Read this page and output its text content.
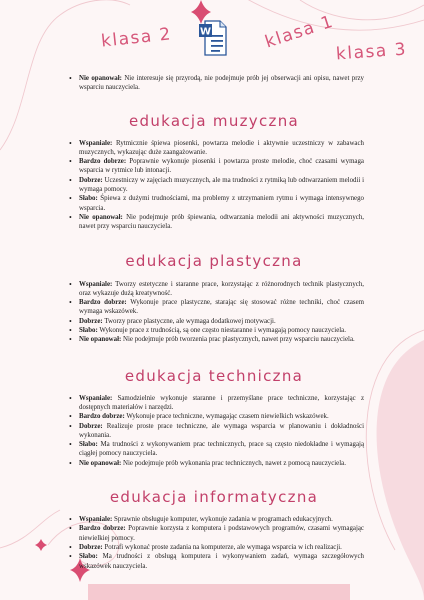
klasa 2	klasa 1 klasa 3
W
• Nie opanował: Nie interesuje się przyrodą, nie podejmuje prób jej obserwacji ani opisu, nawet przy wsparciu nauczyciela.
edukacja muzyczna
• Wspaniale: Rytmicznie śpiewa piosenki, powtarza melodie i aktywnie uczestniczy w zabawach muzycznych, wykazując duże zaangażowanie.
• Bardzo dobrze: Poprawnie wykonuje piosenki i powtarza proste melodie, choć czasami wymaga wsparcia w rytmice lub intonacji.
• Dobrze: Uczestniczy w zajęciach muzycznych, ale ma trudności z rytmiką lub odtwarzaniem melodii i wymaga pomocy.
• Słabo: Śpiewa z dużymi trudnościami, ma problemy z utrzymaniem rytmu i wymaga intensywnego wsparcia.
• Nie opanował: Nie podejmuje prób śpiewania, odtwarzania melodii ani aktywności muzycznych, nawet przy wsparciu nauczyciela.
edukacja plastyczna
• Wspaniale: Tworzy estetyczne i staranne prace, korzystając z różnorodnych technik plastycznych, oraz wykazuje dużą kreatywność.
• Bardzo dobrze: Wykonuje prace plastyczne, starając się stosować różne techniki, choć czasem wymaga wskazówek.
• Dobrze: Tworzy prace plastyczne, ale wymaga dodatkowej motywacji.
• Słabo: Wykonuje prace z trudnością, są one często niestaranne i wymagają pomocy nauczyciela.
• Nie opanował: Nie podejmuje prób tworzenia prac plastycznych, nawet przy wsparciu nauczyciela.
edukacja techniczna
• Wspaniale: Samodzielnie wykonuje staranne i przemyślane prace techniczne, korzystając z dostępnych materiałów i narzędzi.
• Bardzo dobrze: Wykonuje prace techniczne, wymagając czasem niewielkich wskazówek.
• Dobrze: Realizuje proste prace techniczne, ale wymaga wsparcia w planowaniu i dokładności wykonania.
• Słabo: Ma trudności z wykonywaniem prac technicznych, prace są często niedokładne i wymagają ciągłej pomocy nauczyciela.
• Nie opanował: Nie podejmuje prób wykonania prac technicznych, nawet z pomocą nauczyciela.
edukacja informatyczna
• Wspaniale: Sprawnie obsługuje komputer, wykonuje zadania w programach edukacyjnych.
• Bardzo dobrze: Poprawnie korzysta z komputera i podstawowych programów, czasami wymagając niewielkiej pomocy.
• Dobrze: Potrafi wykonać proste zadania na komputerze, ale wymaga wsparcia w ich realizacji.
• Słabo: Ma trudności z obsługą komputera i wykonywaniem zadań, wymaga szczegółowych wskazówek nauczyciela.
